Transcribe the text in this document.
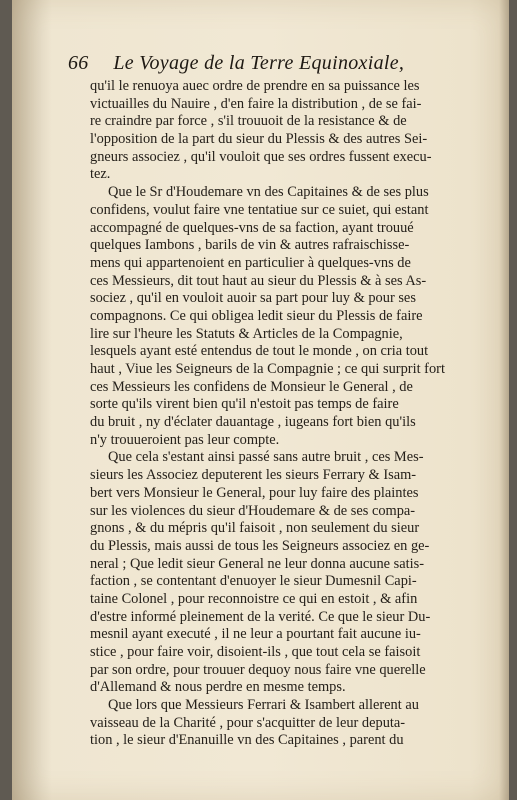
66 Le Voyage de la Terre Equinoxiale,
qu'il le renuoya auec ordre de prendre en sa puissance les
victuailles du Nauire , d'en faire la distribution , de se fai-
re craindre par force , s'il trouuoit de la resistance & de
l'opposition de la part du sieur du Plessis & des autres Sei-
gneurs associez , qu'il vouloit que ses ordres fussent execu-
tez.
Que le Sr d'Houdemare vn des Capitaines & de ses plus
confidens, voulut faire vne tentatiue sur ce suiet, qui estant
accompagné de quelques-vns de sa faction, ayant trouué
quelques Iambons , barils de vin & autres rafraischisse-
mens qui appartenoient en particulier à quelques-vns de
ces Messieurs, dit tout haut au sieur du Plessis & à ses As-
sociez , qu'il en vouloit auoir sa part pour luy & pour ses
compagnons. Ce qui obligea ledit sieur du Plessis de faire
lire sur l'heure les Statuts & Articles de la Compagnie,
lesquels ayant esté entendus de tout le monde , on cria tout
haut , Viue les Seigneurs de la Compagnie ; ce qui surprit fort
ces Messieurs les confidens de Monsieur le General , de
sorte qu'ils virent bien qu'il n'estoit pas temps de faire
du bruit , ny d'éclater dauantage , iugeans fort bien qu'ils
n'y trouueroient pas leur compte.
Que cela s'estant ainsi passé sans autre bruit , ces Mes-
sieurs les Associez deputerent les sieurs Ferrary & Isam-
bert vers Monsieur le General, pour luy faire des plaintes
sur les violences du sieur d'Houdemare & de ses compa-
gnons , & du mépris qu'il faisoit , non seulement du sieur
du Plessis, mais aussi de tous les Seigneurs associez en ge-
neral ; Que ledit sieur General ne leur donna aucune satis-
faction , se contentant d'enuoyer le sieur Dumesnil Capi-
taine Colonel , pour reconnoistre ce qui en estoit , & afin
d'estre informé pleinement de la verité. Ce que le sieur Du-
mesnil ayant executé , il ne leur a pourtant fait aucune iu-
stice , pour faire voir, disoient-ils , que tout cela se faisoit
par son ordre, pour trouuer dequoy nous faire vne querelle
d'Allemand & nous perdre en mesme temps.
Que lors que Messieurs Ferrari & Isambert allerent au
vaisseau de la Charité , pour s'acquitter de leur deputa-
tion , le sieur d'Enanuille vn des Capitaines , parent du
